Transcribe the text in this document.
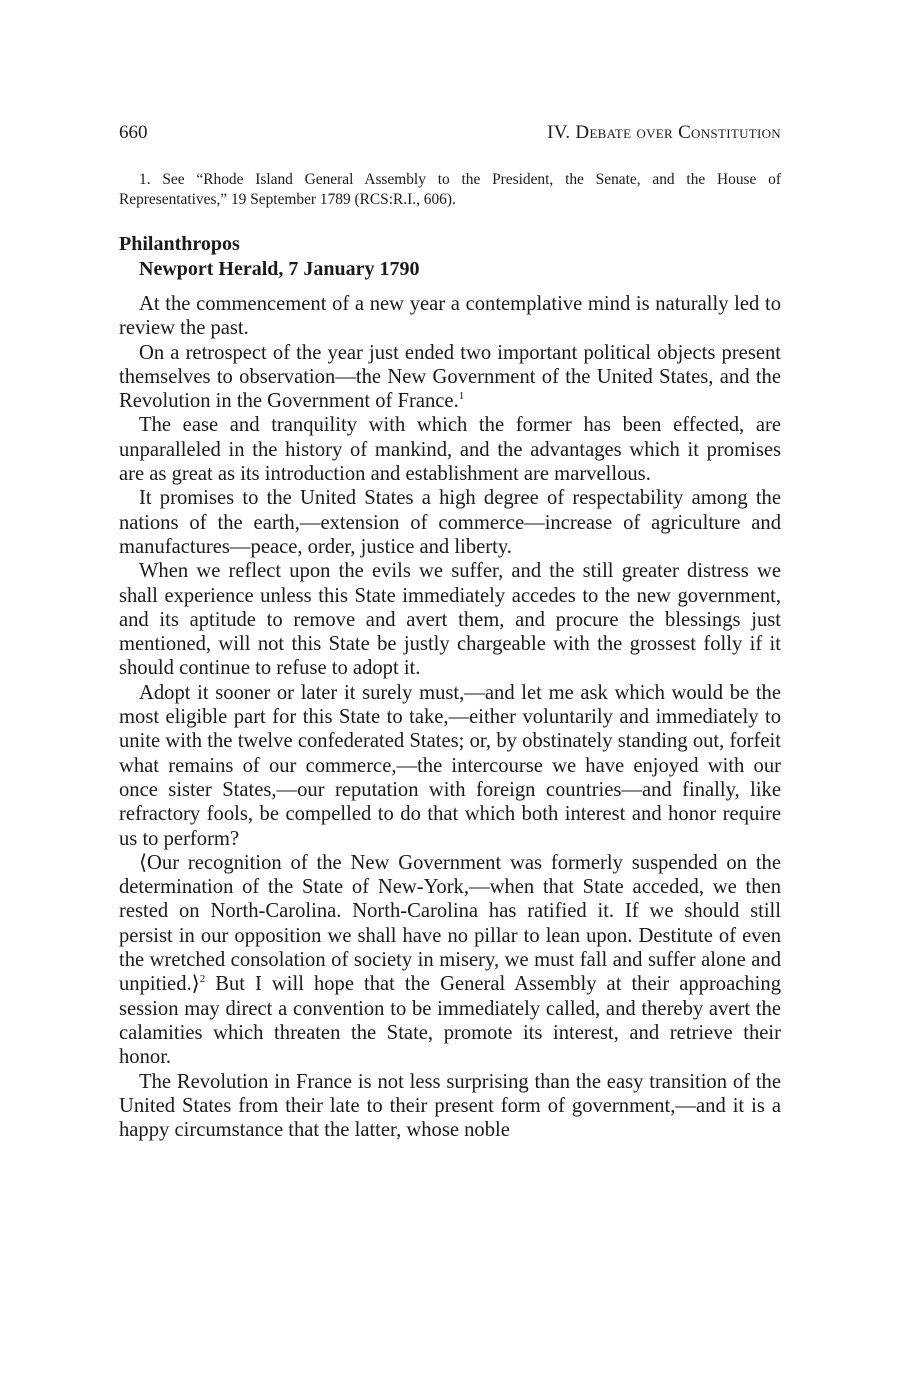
660	IV. Debate over Constitution
1. See “Rhode Island General Assembly to the President, the Senate, and the House of Representatives,” 19 September 1789 (RCS:R.I., 606).
Philanthropos
Newport Herald, 7 January 1790

At the commencement of a new year a contemplative mind is naturally led to review the past.

On a retrospect of the year just ended two important political objects present themselves to observation—the New Government of the United States, and the Revolution in the Government of France.$^1$

The ease and tranquility with which the former has been effected, are unparalleled in the history of mankind, and the advantages which it promises are as great as its introduction and establishment are marvellous.

It promises to the United States a high degree of respectability among the nations of the earth,—extension of commerce—increase of agriculture and manufactures—peace, order, justice and liberty.

When we reflect upon the evils we suffer, and the still greater distress we shall experience unless this State immediately accedes to the new government, and its aptitude to remove and avert them, and procure the blessings just mentioned, will not this State be justly chargeable with the grossest folly if it should continue to refuse to adopt it.

Adopt it sooner or later it surely must,—and let me ask which would be the most eligible part for this State to take,—either voluntarily and immediately to unite with the twelve confederated States; or, by obstinately standing out, forfeit what remains of our commerce,—the intercourse we have enjoyed with our once sister States,—our reputation with foreign countries—and finally, like refractory fools, be compelled to do that which both interest and honor require us to perform?

⟨Our recognition of the New Government was formerly suspended on the determination of the State of New-York,—when that State acceded, we then rested on North-Carolina. North-Carolina has ratified it. If we should still persist in our opposition we shall have no pillar to lean upon. Destitute of even the wretched consolation of society in misery, we must fall and suffer alone and unpitied.⟩$^2$ But I will hope that the General Assembly at their approaching session may direct a convention to be immediately called, and thereby avert the calamities which threaten the State, promote its interest, and retrieve their honor.

The Revolution in France is not less surprising than the easy transition of the United States from their late to their present form of government,—and it is a happy circumstance that the latter, whose noble
